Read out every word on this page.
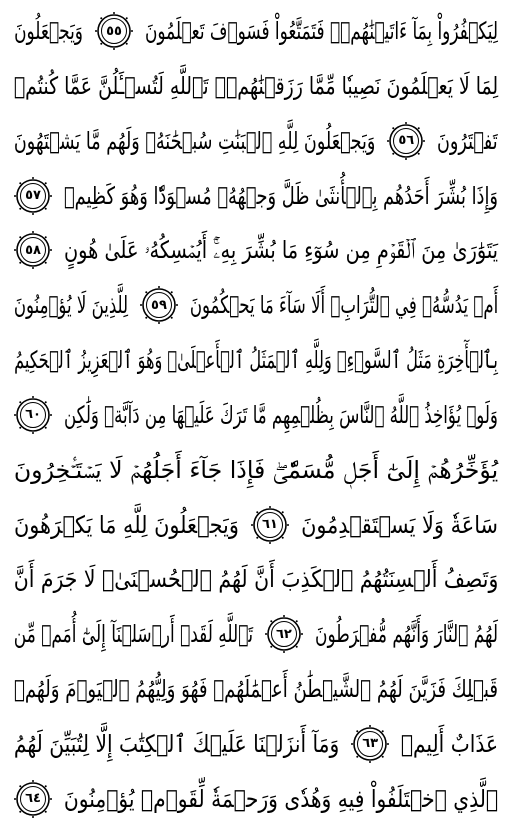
لِيَكۡفُرُواْ بِمَآ ءَاتَيۡنَٰهُمۡۚ فَتَمَتَّعُواْ فَسَوۡفَ تَعۡلَمُونَ
٥٥
وَيَجۡعَلُونَ
لِمَا لَا يَعۡلَمُونَ نَصِيبٗا مِّمَّا رَزَقۡنَٰهُمۡۗ تَٱللَّهِ لَتُسۡـَٔلُنَّ عَمَّا كُنتُمۡ
تَفۡتَرُونَ
٥٦
وَيَجۡعَلُونَ لِلَّهِ ٱلۡبَنَٰتِ سُبۡحَٰنَهُۥ وَلَهُم مَّا يَشۡتَهُونَ
وَإِذَا بُشِّرَ أَحَدُهُم بِٱلۡأُنثَىٰ ظَلَّ وَجۡهُهُۥ مُسۡوَدّٗا وَهُوَ كَظِيمٞ
٥٧
يَتَوَٰرَىٰ مِنَ ٱلۡقَوۡمِ مِن سُوٓءِ مَا بُشِّرَ بِهِۦٓۚ أَيُمۡسِكُهُۥ عَلَىٰ هُونٍ
٥٨
أَمۡ يَدُسُّهُۥ فِي ٱلتُّرَابِۗ أَلَا سَآءَ مَا يَحۡكُمُونَ
٥٩
لِلَّذِينَ لَا يُؤۡمِنُونَ
بِٱلۡأٓخِرَةِ مَثَلُ ٱلسَّوۡءِۖ وَلِلَّهِ ٱلۡمَثَلُ ٱلۡأَعۡلَىٰۚ وَهُوَ ٱلۡعَزِيزُ ٱلۡحَكِيمُ
وَلَوۡ يُؤَاخِذُ ٱللَّهُ ٱلنَّاسَ بِظُلۡمِهِم مَّا تَرَكَ عَلَيۡهَا مِن دَآبَّةٖ وَلَٰكِن
٦٠
يُؤَخِّرُهُمۡ إِلَىٰٓ أَجَلٖ مُّسَمّٗىۖ فَإِذَا جَآءَ أَجَلُهُمۡ لَا يَسۡتَـٔۡخِرُونَ
سَاعَةٗ وَلَا يَسۡتَقۡدِمُونَ
٦١
وَيَجۡعَلُونَ لِلَّهِ مَا يَكۡرَهُونَ
وَتَصِفُ أَلۡسِنَتُهُمُ ٱلۡكَذِبَ أَنَّ لَهُمُ ٱلۡحُسۡنَىٰۖ لَا جَرَمَ أَنَّ
لَهُمُ ٱلنَّارَ وَأَنَّهُم مُّفۡرَطُونَ
٦٢
تَٱللَّهِ لَقَدۡ أَرۡسَلۡنَآ إِلَىٰٓ أُمَمٖ مِّن
قَبۡلِكَ فَزَيَّنَ لَهُمُ ٱلشَّيۡطَٰنُ أَعۡمَٰلَهُمۡ فَهُوَ وَلِيُّهُمُ ٱلۡيَوۡمَ وَلَهُمۡ
عَذَابٌ أَلِيمٞ
٦٣
وَمَآ أَنزَلۡنَا عَلَيۡكَ ٱلۡكِتَٰبَ إِلَّا لِتُبَيِّنَ لَهُمُ
ٱلَّذِي ٱخۡتَلَفُواْ فِيهِ وَهُدٗى وَرَحۡمَةٗ لِّقَوۡمٖ يُؤۡمِنُونَ
٦٤
